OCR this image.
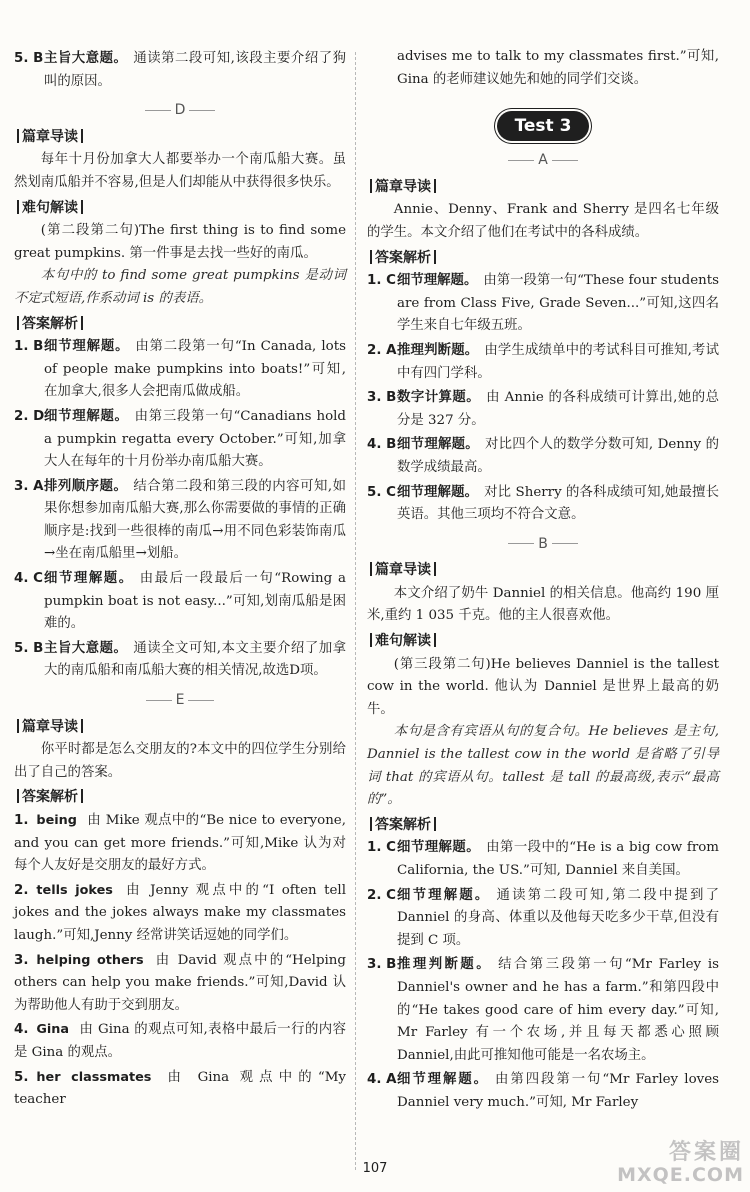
5. B 主旨大意题。 通读第二段可知,该段主要介绍了狗叫的原因。
D
篇章导读

每年十月份加拿大人都要举办一个南瓜船大赛。虽然划南瓜船并不容易,但是人们却能从中获得很多快乐。

难句解读

(第二段第二句)The first thing is to find some great pumpkins. 第一件事是去找一些好的南瓜。

本句中的 to find some great pumpkins 是动词不定式短语,作系动词 is 的表语。

答案解析
1. B 细节理解题。 由第二段第一句“In Canada, lots of people make pumpkins into boats!”可知,在加拿大,很多人会把南瓜做成船。
2. D 细节理解题。 由第三段第一句“Canadians hold a pumpkin regatta every October.”可知,加拿大人在每年的十月份举办南瓜船大赛。
3. A 排列顺序题。 结合第二段和第三段的内容可知,如果你想参加南瓜船大赛,那么你需要做的事情的正确顺序是:找到一些很棒的南瓜→用不同色彩装饰南瓜→坐在南瓜船里→划船。
4. C 细节理解题。 由最后一段最后一句“Rowing a pumpkin boat is not easy...”可知,划南瓜船是困难的。
5. B 主旨大意题。 通读全文可知,本文主要介绍了加拿大的南瓜船和南瓜船大赛的相关情况,故选D项。
E
篇章导读

你平时都是怎么交朋友的?本文中的四位学生分别给出了自己的答案。

答案解析
1. being 由 Mike 观点中的“Be nice to everyone, and you can get more friends.”可知,Mike 认为对每个人友好是交朋友的最好方式。
2. tells jokes 由 Jenny 观点中的“I often tell jokes and the jokes always make my classmates laugh.”可知,Jenny 经常讲笑话逗她的同学们。
3. helping others 由 David 观点中的“Helping others can help you make friends.”可知,David 认为帮助他人有助于交到朋友。
4. Gina 由 Gina 的观点可知,表格中最后一行的内容是 Gina 的观点。
5. her classmates 由 Gina 观点中的“My teacher

advises me to talk to my classmates first.”可知, Gina 的老师建议她先和她的同学们交谈。

Test 3
A
篇章导读

Annie、Denny、Frank and Sherry 是四名七年级的学生。本文介绍了他们在考试中的各科成绩。

答案解析
1. C 细节理解题。 由第一段第一句“These four students are from Class Five, Grade Seven...”可知,这四名学生来自七年级五班。
2. A 推理判断题。 由学生成绩单中的考试科目可推知,考试中有四门学科。
3. B 数字计算题。 由 Annie 的各科成绩可计算出,她的总分是 327 分。
4. B 细节理解题。 对比四个人的数学分数可知, Denny 的数学成绩最高。
5. C 细节理解题。 对比 Sherry 的各科成绩可知,她最擅长英语。其他三项均不符合文意。
B
篇章导读

本文介绍了奶牛 Danniel 的相关信息。他高约 190 厘米,重约 1 035 千克。他的主人很喜欢他。

难句解读

(第三段第二句)He believes Danniel is the tallest cow in the world. 他认为 Danniel 是世界上最高的奶牛。

本句是含有宾语从句的复合句。He believes 是主句, Danniel is the tallest cow in the world 是省略了引导词 that 的宾语从句。tallest 是 tall 的最高级,表示“最高的”。

答案解析
1. C 细节理解题。 由第一段中的“He is a big cow from California, the US.”可知, Danniel 来自美国。
2. C 细节理解题。 通读第二段可知,第二段中提到了 Danniel 的身高、体重以及他每天吃多少干草,但没有提到 C 项。
3. B 推理判断题。 结合第三段第一句“Mr Farley is Danniel's owner and he has a farm.”和第四段中的“He takes good care of him every day.”可知, Mr Farley 有一个农场,并且每天都悉心照顾 Danniel,由此可推知他可能是一名农场主。
4. A 细节理解题。 由第四段第一句“Mr Farley loves Danniel very much.”可知, Mr Farley
107
答案圈
MXQE.COM
